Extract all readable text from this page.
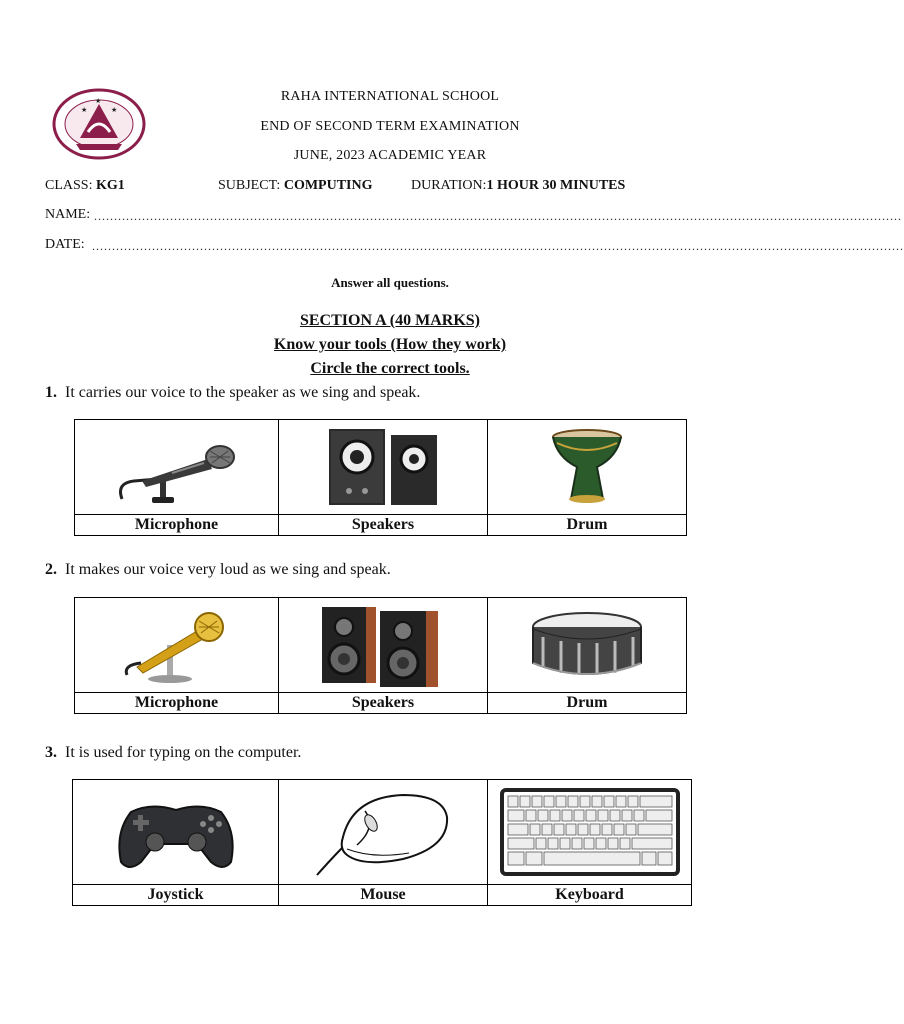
★	★
★	RAHA INTERNATIONAL SCHOOL
END OF SECOND TERM EXAMINATION
JUNE, 2023 ACADEMIC YEAR
CLASS: KG1	SUBJECT: COMPUTING	DURATION:1 HOUR 30 MINUTES
NAME: ..........................................................................................................................................................................................................
DATE: ...........................................................................................................................................................................................................
Answer all questions.
SECTION A (40 MARKS)
Know your tools (How they work)
Circle the correct tools.
1. It carries our voice to the speaker as we sing and speak.

Microphone	Speakers	Drum
2. It makes our voice very loud as we sing and speak.

Microphone	Speakers	Drum
3. It is used for typing on the computer.

Joystick	Mouse	Keyboard
